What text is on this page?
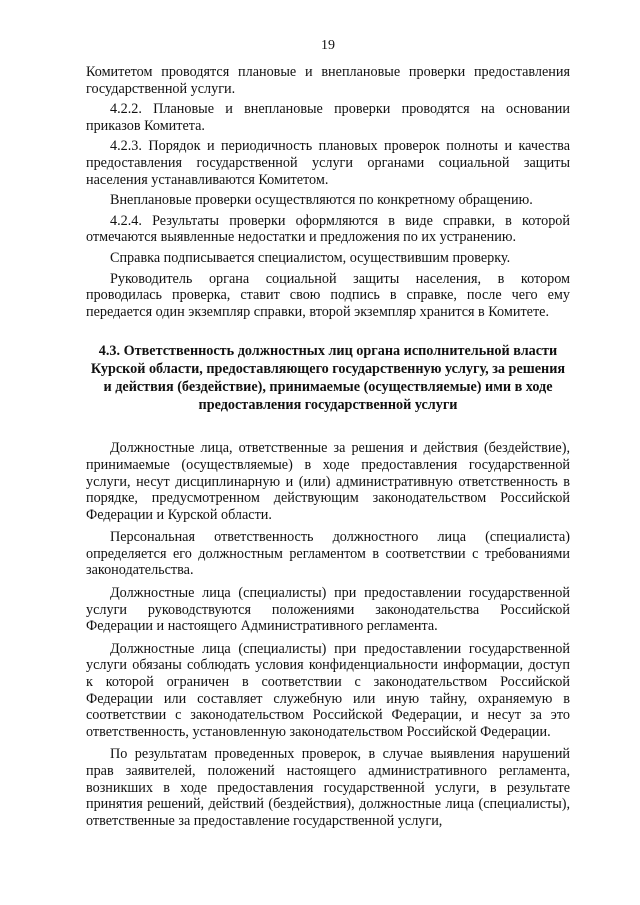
19

Комитетом проводятся плановые и внеплановые проверки предоставления государственной услуги.

4.2.2. Плановые и внеплановые проверки проводятся на основании приказов Комитета.

4.2.3. Порядок и периодичность плановых проверок полноты и качества предоставления государственной услуги органами социальной защиты населения устанавливаются Комитетом.

Внеплановые проверки осуществляются по конкретному обращению.

4.2.4. Результаты проверки оформляются в виде справки, в которой отмечаются выявленные недостатки и предложения по их устранению.

Справка подписывается специалистом, осуществившим проверку.

Руководитель органа социальной защиты населения, в котором проводилась проверка, ставит свою подпись в справке, после чего ему передается один экземпляр справки, второй экземпляр хранится в Комитете.

4.3. Ответственность должностных лиц органа исполнительной власти Курской области, предоставляющего государственную услугу, за решения и действия (бездействие), принимаемые (осуществляемые) ими в ходе предоставления государственной услуги

Должностные лица, ответственные за решения и действия (бездействие), принимаемые (осуществляемые) в ходе предоставления государственной услуги, несут дисциплинарную и (или) административную ответственность в порядке, предусмотренном действующим законодательством Российской Федерации и Курской области.

Персональная ответственность должностного лица (специалиста) определяется его должностным регламентом в соответствии с требованиями законодательства.

Должностные лица (специалисты) при предоставлении государственной услуги руководствуются положениями законодательства Российской Федерации и настоящего Административного регламента.

Должностные лица (специалисты) при предоставлении государственной услуги обязаны соблюдать условия конфиденциальности информации, доступ к которой ограничен в соответствии с законодательством Российской Федерации или составляет служебную или иную тайну, охраняемую в соответствии с законодательством Российской Федерации, и несут за это ответственность, установленную законодательством Российской Федерации.

По результатам проведенных проверок, в случае выявления нарушений прав заявителей, положений настоящего административного регламента, возникших в ходе предоставления государственной услуги, в результате принятия решений, действий (бездействия), должностные лица (специалисты), ответственные за предоставление государственной услуги,
